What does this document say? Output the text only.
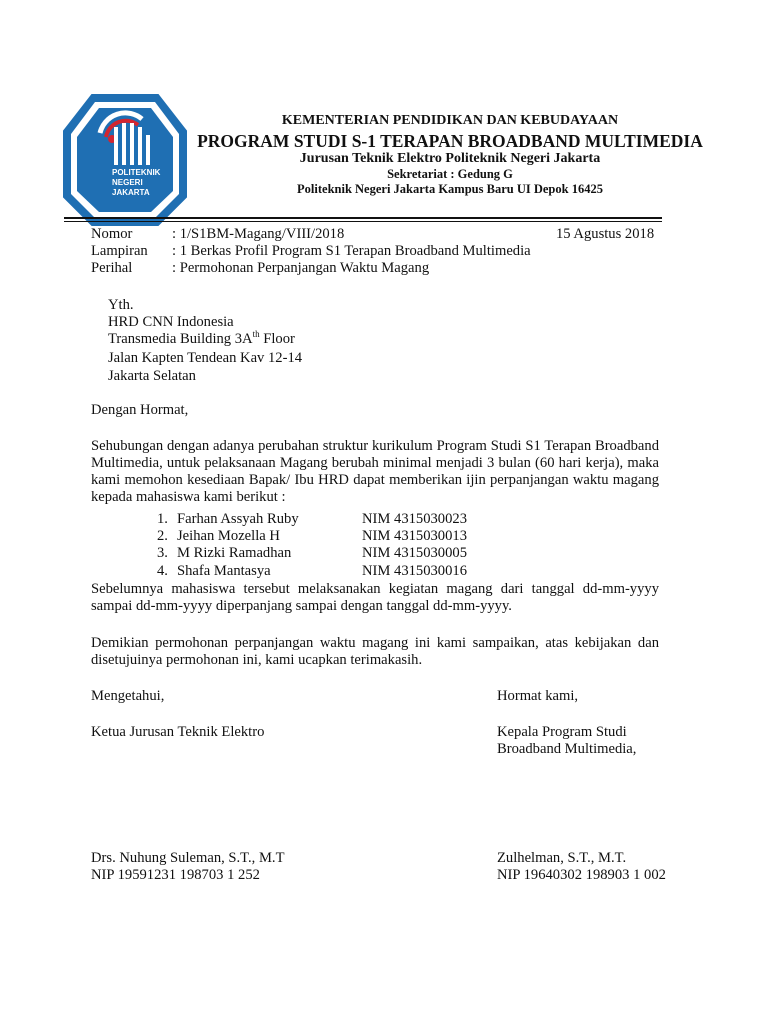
POLITEKNIK
NEGERI
JAKARTA
KEMENTERIAN PENDIDIKAN DAN KEBUDAYAAN
PROGRAM STUDI S-1 TERAPAN BROADBAND MULTIMEDIA
Jurusan Teknik Elektro Politeknik Negeri Jakarta
Sekretariat : Gedung G
Politeknik Negeri Jakarta Kampus Baru UI Depok 16425
Nomor	: 1/S1BM-Magang/VIII/2018	15 Agustus 2018
Lampiran : 1 Berkas Profil Program S1 Terapan Broadband Multimedia
Perihal	: Permohonan Perpanjangan Waktu Magang
Yth.
HRD CNN Indonesia
Transmedia Building $3A^{th}$ Floor
Jalan Kapten Tendean Kav 12-14
Jakarta Selatan
Dengan Hormat,
Sehubungan dengan adanya perubahan struktur kurikulum Program Studi S1 Terapan Broadband Multimedia, untuk pelaksanaan Magang berubah minimal menjadi 3 bulan (60 hari kerja), maka kami memohon kesediaan Bapak/ Ibu HRD dapat memberikan ijin perpanjangan waktu magang kepada mahasiswa kami berikut :
1. Farhan Assyah Ruby	NIM 4315030023
2. Jeihan Mozella H	NIM 4315030013
3. M Rizki Ramadhan	NIM 4315030005
4. Shafa Mantasya	NIM 4315030016
Sebelumnya mahasiswa tersebut melaksanakan kegiatan magang dari tanggal dd-mm-yyyy sampai dd-mm-yyyy diperpanjang sampai dengan tanggal dd-mm-yyyy.
Demikian permohonan perpanjangan waktu magang ini kami sampaikan, atas kebijakan dan disetujuinya permohonan ini, kami ucapkan terimakasih.
Mengetahui,	Hormat kami,
Ketua Jurusan Teknik Elektro	Kepala Program Studi
Broadband Multimedia,
Drs. Nuhung Suleman, S.T., M.T	Zulhelman, S.T., M.T.
NIP 19591231 198703 1 252	NIP 19640302 198903 1 002
